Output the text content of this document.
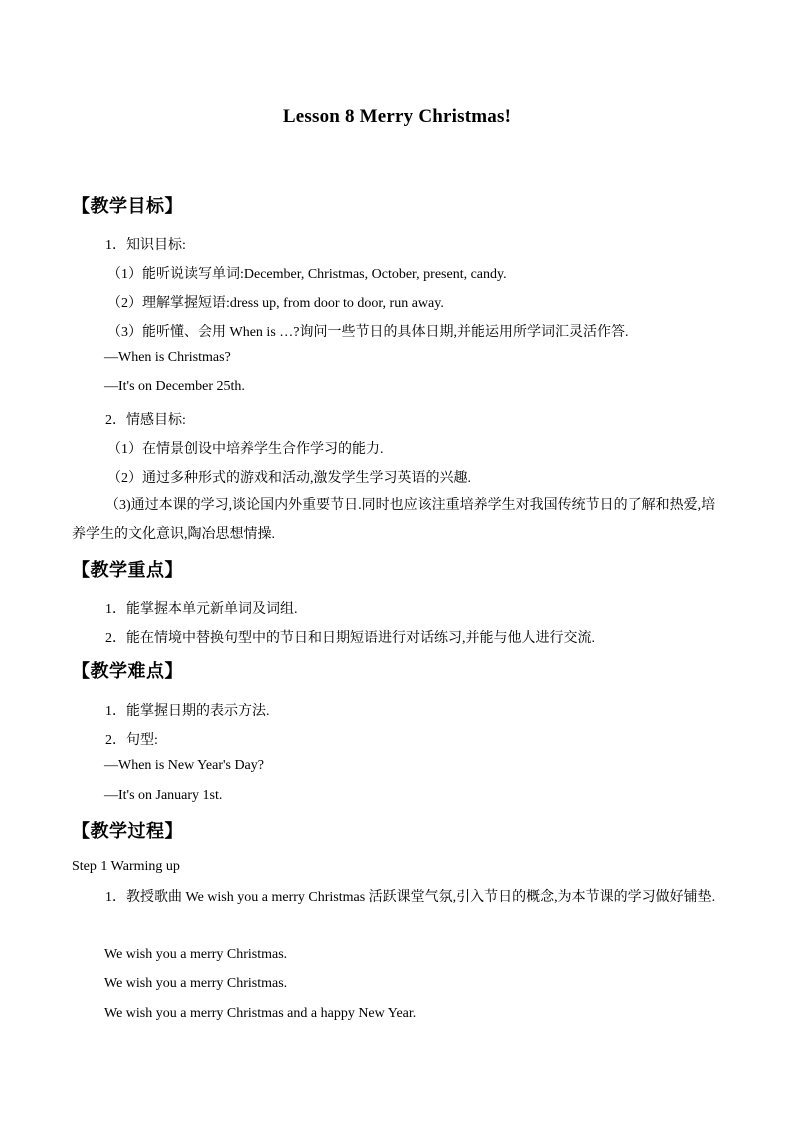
Lesson 8 Merry Christmas!
【教学目标】
1．知识目标:
（1）能听说读写单词:December, Christmas, October, present, candy.
（2）理解掌握短语:dress up, from door to door, run away.
（3）能听懂、会用 When is …?询问一些节日的具体日期,并能运用所学词汇灵活作答.
—When is Christmas?
—It's on December 25th.
2．情感目标:
（1）在情景创设中培养学生合作学习的能力.
（2）通过多种形式的游戏和活动,激发学生学习英语的兴趣.
（3)通过本课的学习,谈论国内外重要节日.同时也应该注重培养学生对我国传统节日的了解和热爱,培养学生的文化意识,陶冶思想情操.
【教学重点】
1．能掌握本单元新单词及词组.
2．能在情境中替换句型中的节日和日期短语进行对话练习,并能与他人进行交流.
【教学难点】
1．能掌握日期的表示方法.
2．句型:
—When is New Year's Day?
—It's on January 1st.
【教学过程】
Step 1 Warming up
1．教授歌曲 We wish you a merry Christmas 活跃课堂气氛,引入节日的概念,为本节课的学习做好铺垫.
We wish you a merry Christmas.
We wish you a merry Christmas.
We wish you a merry Christmas and a happy New Year.
